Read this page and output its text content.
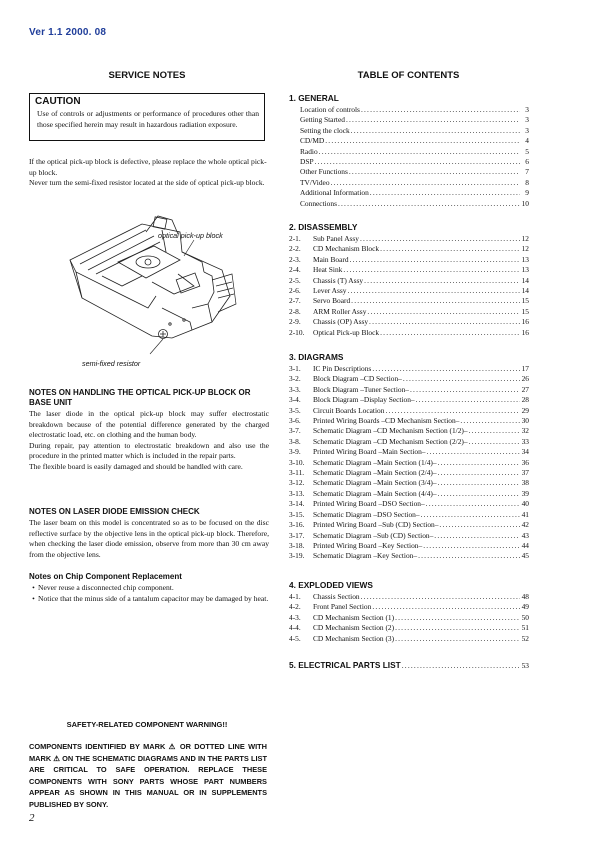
Ver 1.1 2000. 08
SERVICE NOTES
CAUTION
Use of controls or adjustments or performance of procedures other than those specified herein may result in hazardous radiation exposure.
If the optical pick-up block is defective, please replace the whole optical pick-up block.
Never turn the semi-fixed resistor located at the side of optical pick-up block.
optical pick-up block
semi-fixed resistor
NOTES ON HANDLING THE OPTICAL PICK-UP BLOCK OR BASE UNIT
The laser diode in the optical pick-up block may suffer electrostatic breakdown because of the potential difference generated by the charged electrostatic load, etc. on clothing and the human body.
During repair, pay attention to electrostatic breakdown and also use the procedure in the printed matter which is included in the repair parts.
The flexible board is easily damaged and should be handled with care.
NOTES ON LASER DIODE EMISSION CHECK
The laser beam on this model is concentrated so as to be focused on the disc reflective surface by the objective lens in the optical pick-up block. Therefore, when checking the laser diode emission, observe from more than 30 cm away from the objective lens.
Notes on Chip Component Replacement
• Never reuse a disconnected chip component.
• Notice that the minus side of a tantalum capacitor may be damaged by heat.
SAFETY-RELATED COMPONENT WARNING!!
COMPONENTS IDENTIFIED BY MARK ⚠ OR DOTTED LINE WITH MARK ⚠ ON THE SCHEMATIC DIAGRAMS AND IN THE PARTS LIST ARE CRITICAL TO SAFE OPERATION. REPLACE THESE COMPONENTS WITH SONY PARTS WHOSE PART NUMBERS APPEAR AS SHOWN IN THIS MANUAL OR IN SUPPLEMENTS PUBLISHED BY SONY.
2
TABLE OF CONTENTS
1. GENERAL
Location of controls .....	3
Getting Started .....	3
Setting the clock .....	3
CD/MD .....	4
Radio .....	5
DSP .....	6
Other Functions .....	7
TV/Video .....	8
Additional Information .....	9
Connections .....	10
2. DISASSEMBLY
2-1.	Sub Panel Assy .....	12
2-2.	CD Mechanism Block .....	12
2-3.	Main Board .....	13
2-4.	Heat Sink .....	13
2-5.	Chassis (T) Assy .....	14
2-6.	Lever Assy .....	14
2-7.	Servo Board .....	15
2-8.	ARM Roller Assy .....	15
2-9.	Chassis (OP) Assy .....	16
2-10.	Optical Pick-up Block .....	16
3. DIAGRAMS
3-1.	IC Pin Descriptions .....	17
3-2.	Block Diagram –CD Section– .....	26
3-3.	Block Diagram –Tuner Section– .....	27
3-4.	Block Diagram –Display Section– .....	28
3-5.	Circuit Boards Location .....	29
3-6.	Printed Wiring Boards –CD Mechanism Section– .....	30
3-7.	Schematic Diagram –CD Mechanism Section (1/2)– .....	32
3-8.	Schematic Diagram –CD Mechanism Section (2/2)– .....	33
3-9.	Printed Wiring Board –Main Section– .....	34
3-10.	Schematic Diagram –Main Section (1/4)– .....	36
3-11.	Schematic Diagram –Main Section (2/4)– .....	37
3-12.	Schematic Diagram –Main Section (3/4)– .....	38
3-13.	Schematic Diagram –Main Section (4/4)– .....	39
3-14.	Printed Wiring Board –DSO Section– .....	40
3-15.	Schematic Diagram –DSO Section– .....	41
3-16.	Printed Wiring Board –Sub (CD) Section– .....	42
3-17.	Schematic Diagram –Sub (CD) Section– .....	43
3-18.	Printed Wiring Board –Key Section– .....	44
3-19.	Schematic Diagram –Key Section– .....	45
4. EXPLODED VIEWS
4-1.	Chassis Section .....	48
4-2.	Front Panel Section .....	49
4-3.	CD Mechanism Section (1) .....	50
4-4.	CD Mechanism Section (2) .....	51
4-5.	CD Mechanism Section (3) .....	52
5. ELECTRICAL PARTS LIST .....	53
